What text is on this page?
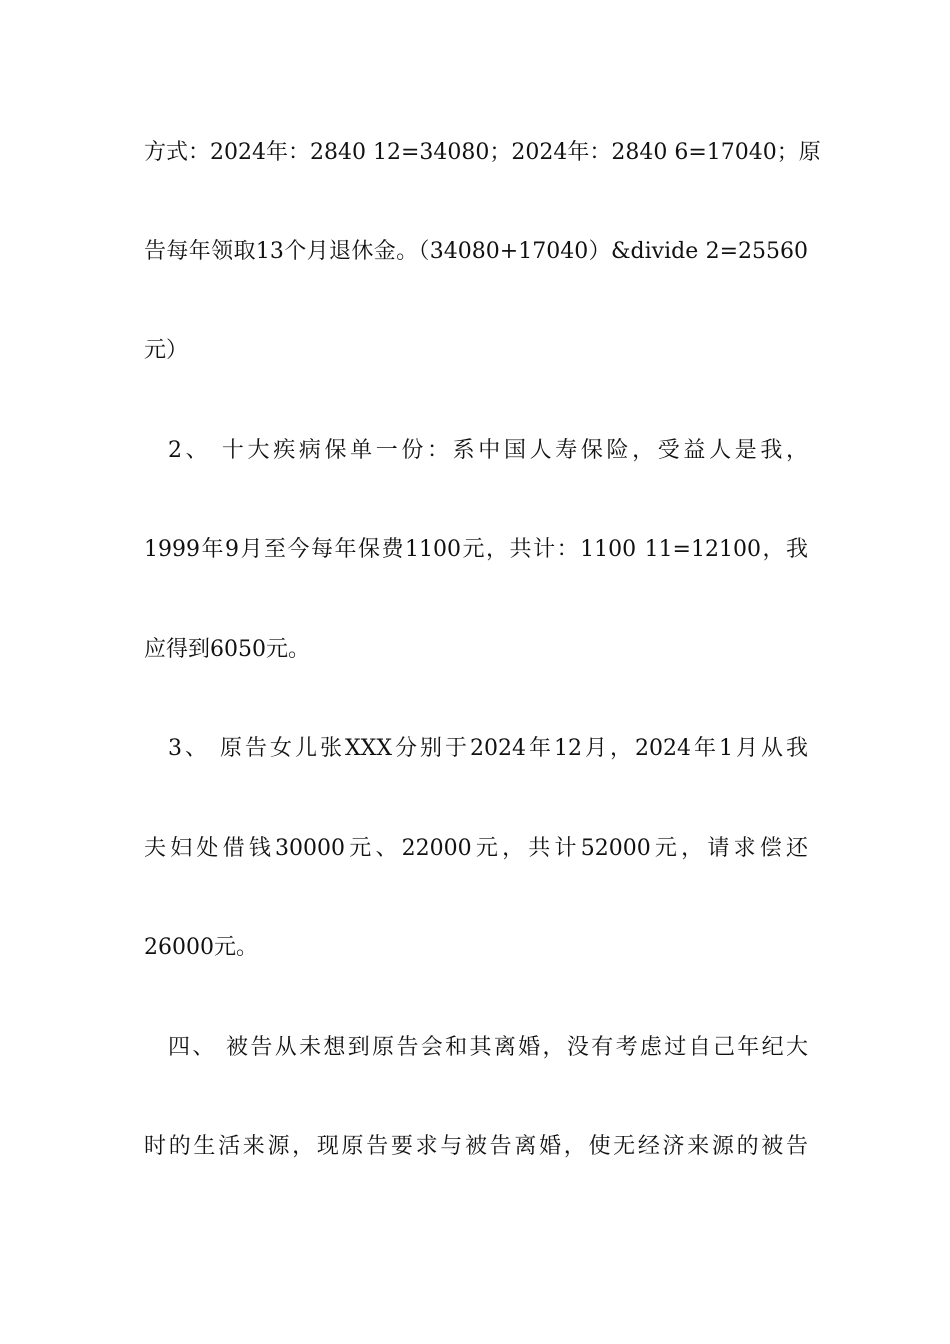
方式：2024年：2840 12=34080；2024年：2840 6=17040；原
告每年领取13个月退休金。（34080+17040）&divide 2=25560
元）
2、 十大疾病保单一份：系中国人寿保险，受益人是我，
1999年9月至今每年保费1100元，共计：1100 11=12100，我
应得到6050元。
3、 原告女儿张XXX分别于2024年12月，2024年1月从我
夫妇处借钱30000元、22000元，共计52000元，请求偿还
26000元。
四、 被告从未想到原告会和其离婚，没有考虑过自己年纪大
时的生活来源，现原告要求与被告离婚，使无经济来源的被告
